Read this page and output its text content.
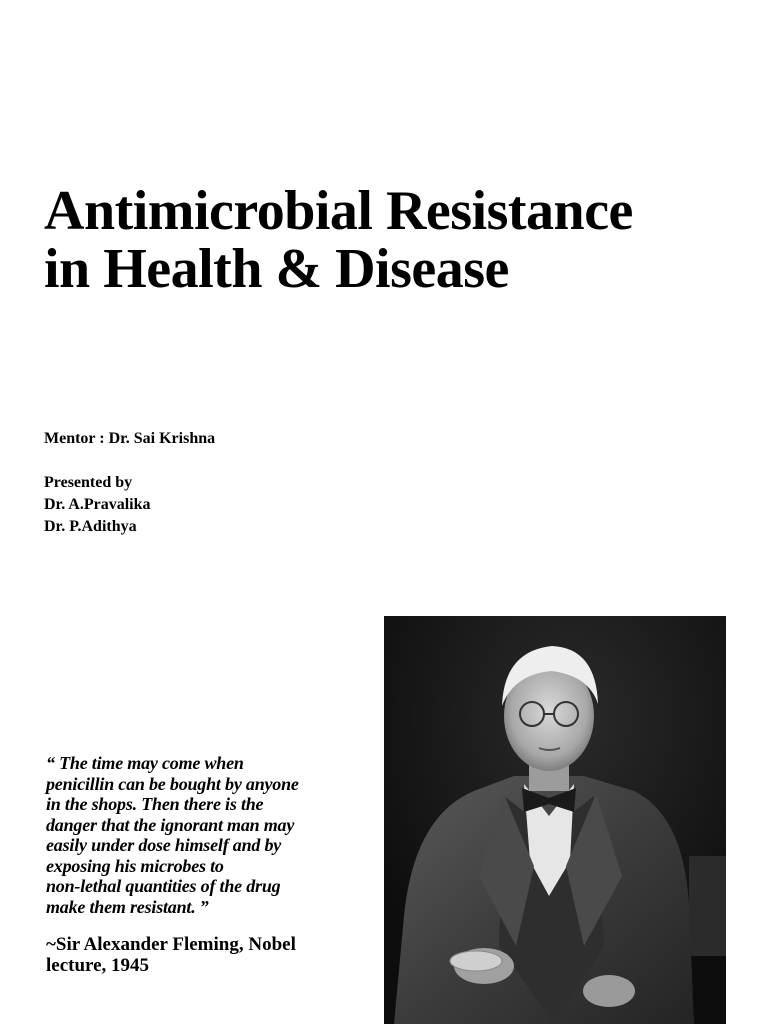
Antimicrobial Resistance
in Health & Disease
Mentor : Dr. Sai Krishna
Presented by
Dr. A.Pravalika
Dr. P.Adithya

“ The time may come when
penicillin can be bought by anyone
in the shops. Then there is the
danger that the ignorant man may
easily under dose himself and by
exposing his microbes to
non-lethal quantities of the drug
make them resistant. ”

~Sir Alexander Fleming, Nobel
lecture, 1945
